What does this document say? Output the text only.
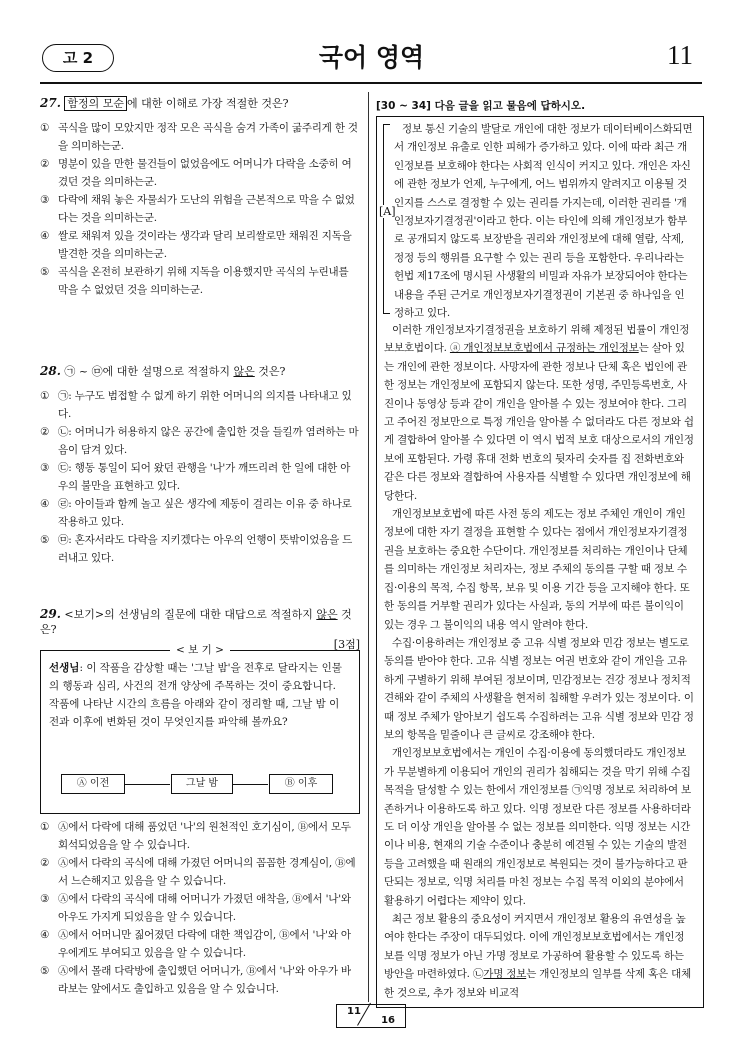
고 2	국어 영역	11
27. 함정의 모순 에 대한 이해로 가장 적절한 것은?

① 곡식을 많이 모았지만 정작 모은 곡식을 숨겨 가족이 굶주리게 한 것을 의미하는군.

② 명분이 있을 만한 물건들이 없었음에도 어머니가 다락을 소중히 여겼던 것을 의미하는군.

③ 다락에 채워 놓은 자물쇠가 도난의 위험을 근본적으로 막을 수 없었다는 것을 의미하는군.

④ 쌀로 채워져 있을 것이라는 생각과 달리 보리쌀로만 채워진 지독을 발견한 것을 의미하는군.

⑤ 곡식을 온전히 보관하기 위해 지독을 이용했지만 곡식의 누린내를 막을 수 없었던 것을 의미하는군.

28. ㉠ ~ ㉤에 대한 설명으로 적절하지 않은 것은?

① ㉠: 누구도 범접할 수 없게 하기 위한 어머니의 의지를 나타내고 있다.

② ㉡: 어머니가 허용하지 않은 공간에 출입한 것을 들킬까 염려하는 마음이 담겨 있다.

③ ㉢: 행동 통일이 되어 왔던 관행을 '나'가 깨뜨리려 한 일에 대한 아우의 불만을 표현하고 있다.

④ ㉣: 아이들과 함께 놀고 싶은 생각에 제동이 걸리는 이유 중 하나로 작용하고 있다.

⑤ ㉤: 혼자서라도 다락을 지키겠다는 아우의 언행이 뜻밖이었음을 드러내고 있다.

29. <보기>의 선생님의 질문에 대한 대답으로 적절하지 않은 것은?
[3점]
< 보 기 >
선생님: 이 작품을 감상할 때는 '그날 밤'을 전후로 달라지는 인물의 행동과 심리, 사건의 전개 양상에 주목하는 것이 중요합니다. 작품에 나타난 시간의 흐름을 아래와 같이 정리할 때, 그날 밤 이전과 이후에 변화된 것이 무엇인지를 파악해 볼까요?
Ⓐ 이전	그날 밤	Ⓑ 이후

① Ⓐ에서 다락에 대해 품었던 '나'의 원천적인 호기심이, Ⓑ에서 모두 회석되었음을 알 수 있습니다.

② Ⓐ에서 다락의 곡식에 대해 가졌던 어머니의 꼼꼼한 경계심이, Ⓑ에서 느슨해지고 있음을 알 수 있습니다.

③ Ⓐ에서 다락의 곡식에 대해 어머니가 가졌던 애착을, Ⓑ에서 '나'와 아우도 가지게 되었음을 알 수 있습니다.

④ Ⓐ에서 어머니만 짊어졌던 다락에 대한 책임감이, Ⓑ에서 '나'와 아우에게도 부여되고 있음을 알 수 있습니다.

⑤ Ⓐ에서 몰래 다락방에 출입했던 어머니가, Ⓑ에서 '나'와 아우가 바라보는 앞에서도 출입하고 있음을 알 수 있습니다.

[30 ~ 34] 다음 글을 읽고 물음에 답하시오.
[A]

정보 통신 기술의 발달로 개인에 대한 정보가 데이터베이스화되면서 개인정보 유출로 인한 피해가 증가하고 있다. 이에 따라 최근 개인정보를 보호해야 한다는 사회적 인식이 커지고 있다. 개인은 자신에 관한 정보가 언제, 누구에게, 어느 범위까지 알려지고 이용될 것인지를 스스로 결정할 수 있는 권리를 가지는데, 이러한 권리를 '개인정보자기결정권'이라고 한다. 이는 타인에 의해 개인정보가 함부로 공개되지 않도록 보장받을 권리와 개인정보에 대해 열람, 삭제, 정정 등의 행위를 요구할 수 있는 권리 등을 포함한다. 우리나라는 헌법 제17조에 명시된 사생활의 비밀과 자유가 보장되어야 한다는 내용을 주된 근거로 개인정보자기결정권이 기본권 중 하나임을 인정하고 있다.

이러한 개인정보자기결정권을 보호하기 위해 제정된 법률이 개인정보보호법이다. ⓐ 개인정보보호법에서 규정하는 개인정보는 살아 있는 개인에 관한 정보이다. 사망자에 관한 정보나 단체 혹은 법인에 관한 정보는 개인정보에 포함되지 않는다. 또한 성명, 주민등록번호, 사진이나 동영상 등과 같이 개인을 알아볼 수 있는 정보여야 한다. 그리고 주어진 정보만으로 특정 개인을 알아볼 수 없더라도 다른 정보와 쉽게 결합하여 알아볼 수 있다면 이 역시 법적 보호 대상으로서의 개인정보에 포함된다. 가령 휴대 전화 번호의 뒷자리 숫자를 집 전화번호와 같은 다른 정보와 결합하여 사용자를 식별할 수 있다면 개인정보에 해당한다.

개인정보보호법에 따른 사전 동의 제도는 정보 주체인 개인이 개인정보에 대한 자기 결정을 표현할 수 있다는 점에서 개인정보자기결정권을 보호하는 중요한 수단이다. 개인정보를 처리하는 개인이나 단체를 의미하는 개인정보 처리자는, 정보 주체의 동의를 구할 때 정보 수집·이용의 목적, 수집 항목, 보유 및 이용 기간 등을 고지해야 한다. 또한 동의를 거부할 권리가 있다는 사실과, 동의 거부에 따른 불이익이 있는 경우 그 불이익의 내용 역시 알려야 한다.

수집·이용하려는 개인정보 중 고유 식별 정보와 민감 정보는 별도로 동의를 받아야 한다. 고유 식별 정보는 여권 번호와 같이 개인을 고유하게 구별하기 위해 부여된 정보이며, 민감정보는 건강 정보나 정치적 견해와 같이 주체의 사생활을 현저히 침해할 우려가 있는 정보이다. 이때 정보 주체가 알아보기 쉽도록 수집하려는 고유 식별 정보와 민감 정보의 항목을 밑줄이나 큰 글씨로 강조해야 한다.

개인정보보호법에서는 개인이 수집·이용에 동의했더라도 개인정보가 무분별하게 이용되어 개인의 권리가 침해되는 것을 막기 위해 수집 목적을 달성할 수 있는 한에서 개인정보를 ㉠익명 정보로 처리하여 보존하거나 이용하도록 하고 있다. 익명 정보란 다른 정보를 사용하더라도 더 이상 개인을 알아볼 수 없는 정보를 의미한다. 익명 정보는 시간이나 비용, 현재의 기술 수준이나 충분히 예견될 수 있는 기술의 발전 등을 고려했을 때 원래의 개인정보로 복원되는 것이 불가능하다고 판단되는 정보로, 익명 처리를 마친 정보는 수집 목적 이외의 분야에서 활용하기 어렵다는 제약이 있다.

최근 정보 활용의 중요성이 커지면서 개인정보 활용의 유연성을 높여야 한다는 주장이 대두되었다. 이에 개인정보보호법에서는 개인정보를 익명 정보가 아닌 가명 정보로 가공하여 활용할 수 있도록 하는 방안을 마련하였다. ㉡가명 정보는 개인정보의 일부를 삭제 혹은 대체한 것으로, 추가 정보와 비교적

11
16
